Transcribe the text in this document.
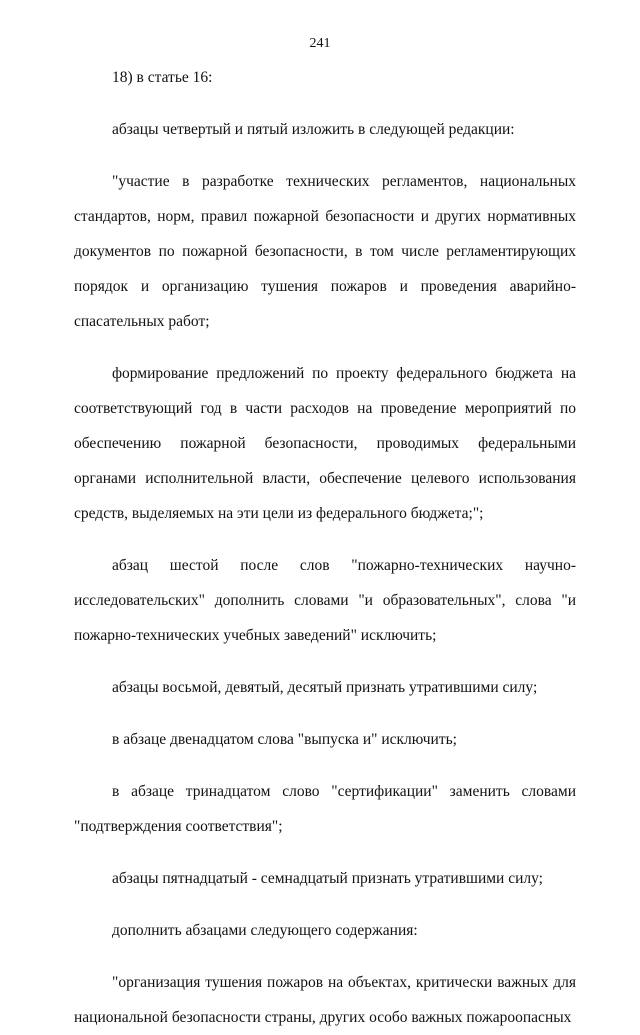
241

18) в статье 16:

абзацы четвертый и пятый изложить в следующей редакции:

"участие в разработке технических регламентов, национальных стандартов, норм, правил пожарной безопасности и других нормативных документов по пожарной безопасности, в том числе регламентирующих порядок и организацию тушения пожаров и проведения аварийно-спасательных работ;

формирование предложений по проекту федерального бюджета на соответствующий год в части расходов на проведение мероприятий по обеспечению пожарной безопасности, проводимых федеральными органами исполнительной власти, обеспечение целевого использования средств, выделяемых на эти цели из федерального бюджета;";

абзац шестой после слов "пожарно-технических научно-исследовательских" дополнить словами "и образовательных", слова "и пожарно-технических учебных заведений" исключить;

абзацы восьмой, девятый, десятый признать утратившими силу;

в абзаце двенадцатом слова "выпуска и" исключить;

в абзаце тринадцатом слово "сертификации" заменить словами "подтверждения соответствия";

абзацы пятнадцатый - семнадцатый признать утратившими силу;

дополнить абзацами следующего содержания:

"организация тушения пожаров на объектах, критически важных для национальной безопасности страны, других особо важных пожароопасных
